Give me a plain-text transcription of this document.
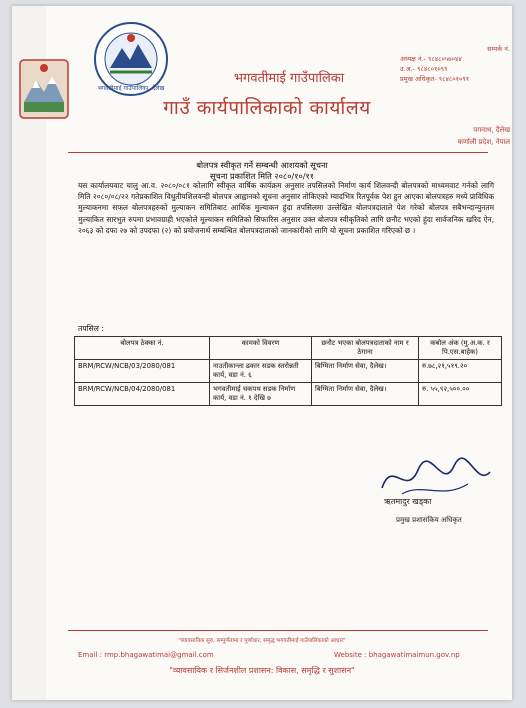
भगवतीमाई गाउँपालिका, दैलेख
भगवतीमाई गाउँपालिका
गाउँ कार्यपालिकाको कार्यालय
सम्पर्क नं.
अध्यक्ष नं.- ९८४८०५७०४४
उ.अ.- ९८४८०१०९९
प्रमुख अधिकृत- ९८४८०१०९१
पगनाथ, दैलेख
कर्णाली प्रदेश, नेपाल
बोलपत्र स्वीकृत गर्ने सम्बन्धी आशयको सूचना
सूचना प्रकाशित मिति २०८०/१०/११
यस कार्यालयवाट चालु आ.व. २०८०/०८१ कोलागि स्वीकृत वार्षिक कार्यक्रम अनुसार तपसिलको निर्माण कार्य शिलवन्दी बोलपत्रको माध्यमवाट गर्नको लागि मिति २०८०/०८/२२ गतेप्रकाशित विधुतीयशिलवन्दी बोलपत्र आह्वानको सूचना अनुसार तोकिएको म्यादभित्र रितपूर्वक पेश हुन आएका बोलपत्रहरु मध्ये प्राविधिक मुल्याकनमा सफल बोलपत्रहरुको मुल्याकन समितिबाट आर्थिक मुल्याकन हुंदा तपसिलमा उल्लेखित बोलपत्रदाताले पेश गरेको बोलपत्र सबैभन्दान्युनतम मुल्याकित सारभुत रुपमा प्रभावग्राही भएकोले मूल्याकन समितिको सिफारिस अनुसार उक्त बोलपत्र स्वीकृतिको लागि छनौट भएको हुंदा सार्वजनिक खरिद ऐन, २०६३ को दफा २७ को उपदफा (२) को प्रयोजनार्थ सम्बन्धित बोलपत्रदाताको जानकारीको लागि यो सूचना प्रकाशित गरिएको छ ।
तपसिल :
बोलपत्र ठेक्का नं.	कामको विवरण	छनौट भएका बोलपत्रदाताको नाम र ठेगाना	कबोल अंक (मु.अ.क. र पि.एस.बाहेक)
BRM/RCW/NCB/03/2080/081	नाउतीकान्ला ढकार सडक स्तरोन्नती कार्य, वडा नं. ६	बिग्मिता निर्माण सेवा, दैलेख।	रु.७८,२१,५१९.२०
BRM/RCW/NCB/04/2080/081	भगवतीमाई चकपथ सडक निर्माण कार्य, वडा नं. १ देखि ७	बिग्मिता निर्माण सेवा, दैलेख।	रु. ५५,९२,५००.००
ऋतमादुर खड्का
प्रमुख प्रशासकिय अधिकृत
"ब्यावसायिक सुरु, सम्पूर्णतामा र पूर्णाधार, समृद्ध भगवतीमाई गाउँपालिकाको आधार"
Email : rmp.bhagawatimai@gmail.com	Website : bhagawatimaimun.gov.np
"व्यावसायिक र सिर्जनशील प्रशासन: विकास, समृद्धि र सुशासन"
